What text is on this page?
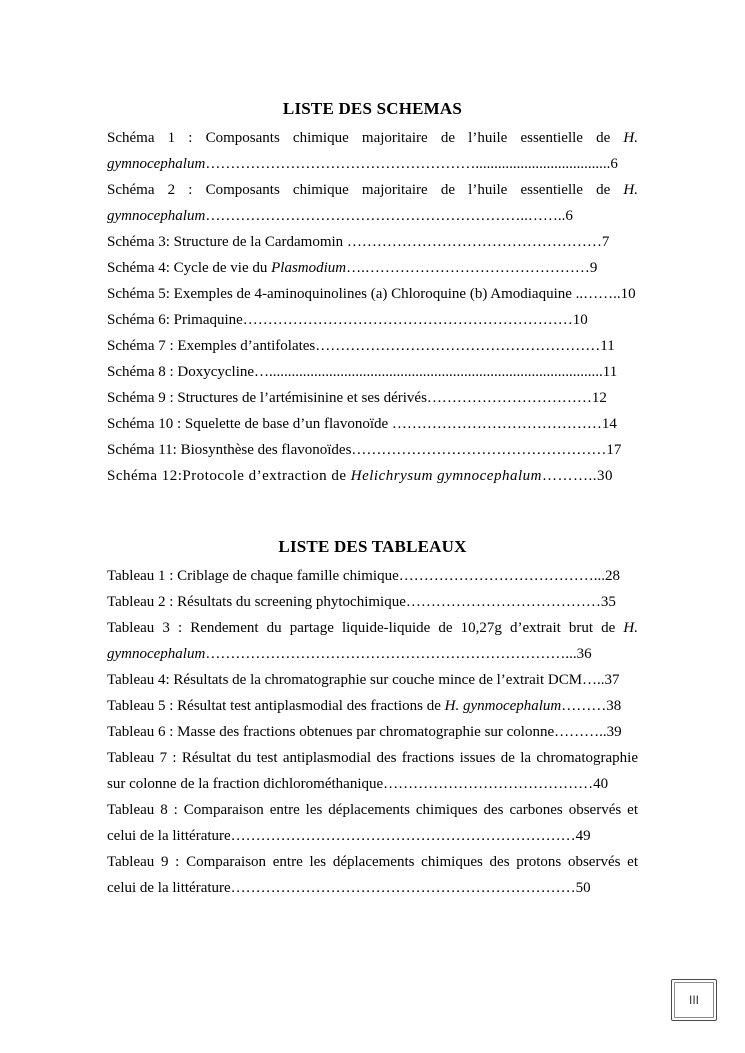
LISTE DES SCHEMAS
Schéma 1 : Composants chimique majoritaire de l’huile essentielle de H.
gymnocephalum………………………………………………....................................6
Schéma 2 : Composants chimique majoritaire de l’huile essentielle de H.
gymnocephalum………………………………………………………..……..6
Schéma 3: Structure de la Cardamomin ……………………………………………7
Schéma 4: Cycle de vie du Plasmodium….………………………………………9
Schéma 5: Exemples de 4-aminoquinolines (a) Chloroquine (b) Amodiaquine ..……..10
Schéma 6: Primaquine…………………………………………………………10
Schéma 7 : Exemples d’antifolates…………………………………………………11
Schéma 8 : Doxycycline….........................................................................................11
Schéma 9 : Structures de l’artémisinine et ses dérivés……………………………12
Schéma 10 : Squelette de base d’un flavonoïde ……………………………………14
Schéma 11: Biosynthèse des flavonoïdes……………………………………………17
Schéma 12:Protocole d’extraction de Helichrysum gymnocephalum………..30
LISTE DES TABLEAUX
Tableau 1 : Criblage de chaque famille chimique…………………………………...28
Tableau 2 : Résultats du screening phytochimique…………………………………35
Tableau 3 : Rendement du partage liquide-liquide de 10,27g d’extrait brut de H.
gymnocephalum………………………………………………………………...36
Tableau 4: Résultats de la chromatographie sur couche mince de l’extrait DCM…..37
Tableau 5 : Résultat test antiplasmodial des fractions de H. gynmocephalum………38
Tableau 6 : Masse des fractions obtenues par chromatographie sur colonne………..39
Tableau 7 : Résultat du test antiplasmodial des fractions issues de la chromatographie
sur colonne de la fraction dichlorométhanique……………………………………40
Tableau 8 : Comparaison entre les déplacements chimiques des carbones observés et
celui de la littérature……………………………………………………………49
Tableau 9 : Comparaison entre les déplacements chimiques des protons observés et
celui de la littérature……………………………………………………………50
III
